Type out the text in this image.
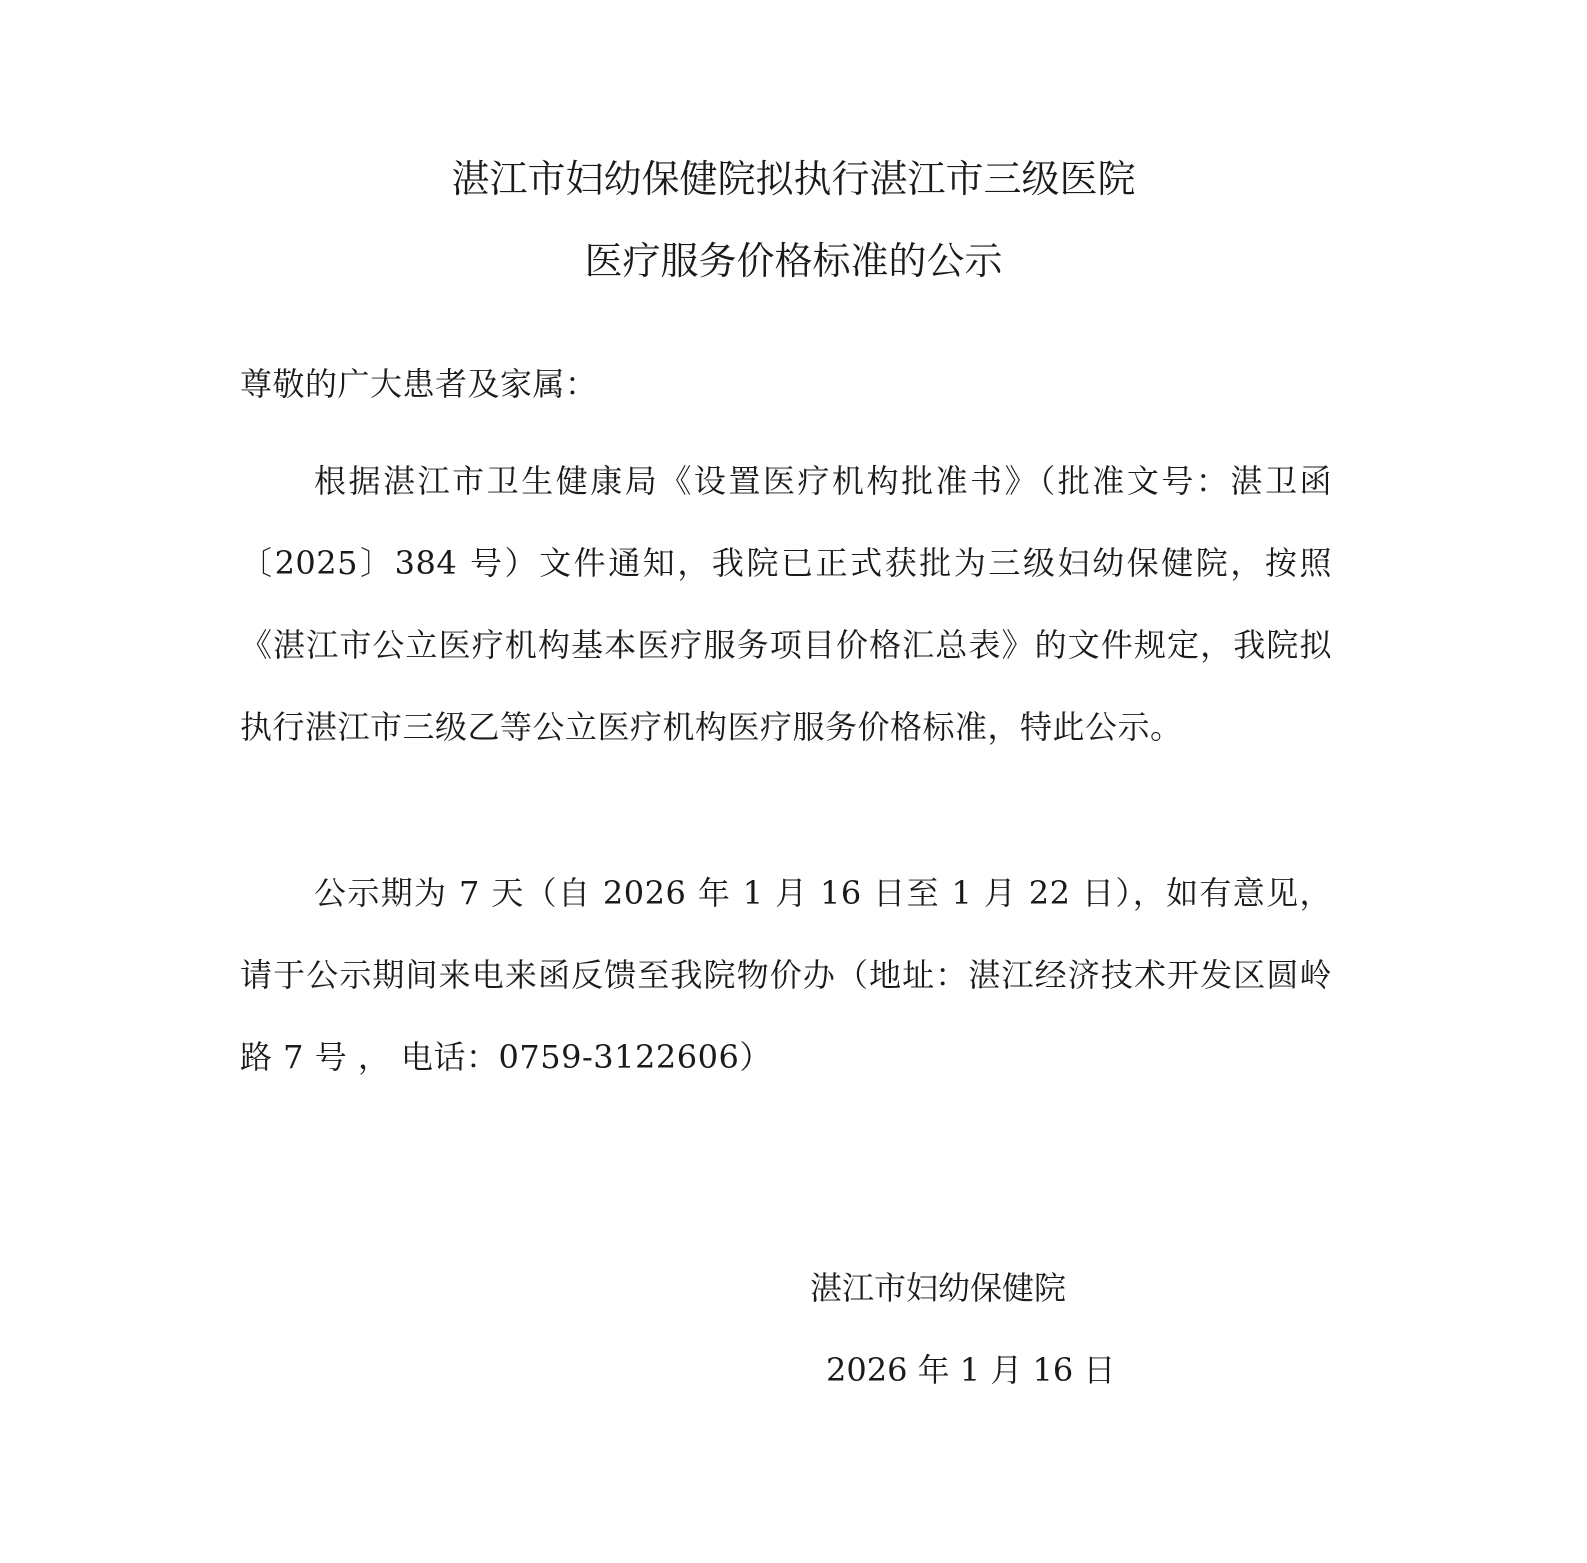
湛江市妇幼保健院拟执行湛江市三级医院
医疗服务价格标准的公示
尊敬的广大患者及家属：
根据湛江市卫生健康局《设置医疗机构批准书》（批准文号：湛卫函〔2025〕384 号）文件通知，我院已正式获批为三级妇幼保健院，按照《湛江市公立医疗机构基本医疗服务项目价格汇总表》的文件规定，我院拟执行湛江市三级乙等公立医疗机构医疗服务价格标准，特此公示。
公示期为 7 天（自 2026 年 1 月 16 日至 1 月 22 日），如有意见，请于公示期间来电来函反馈至我院物价办（地址：湛江经济技术开发区圆岭路 7 号 ， 电话：0759-3122606）
湛江市妇幼保健院
2026 年 1 月 16 日
